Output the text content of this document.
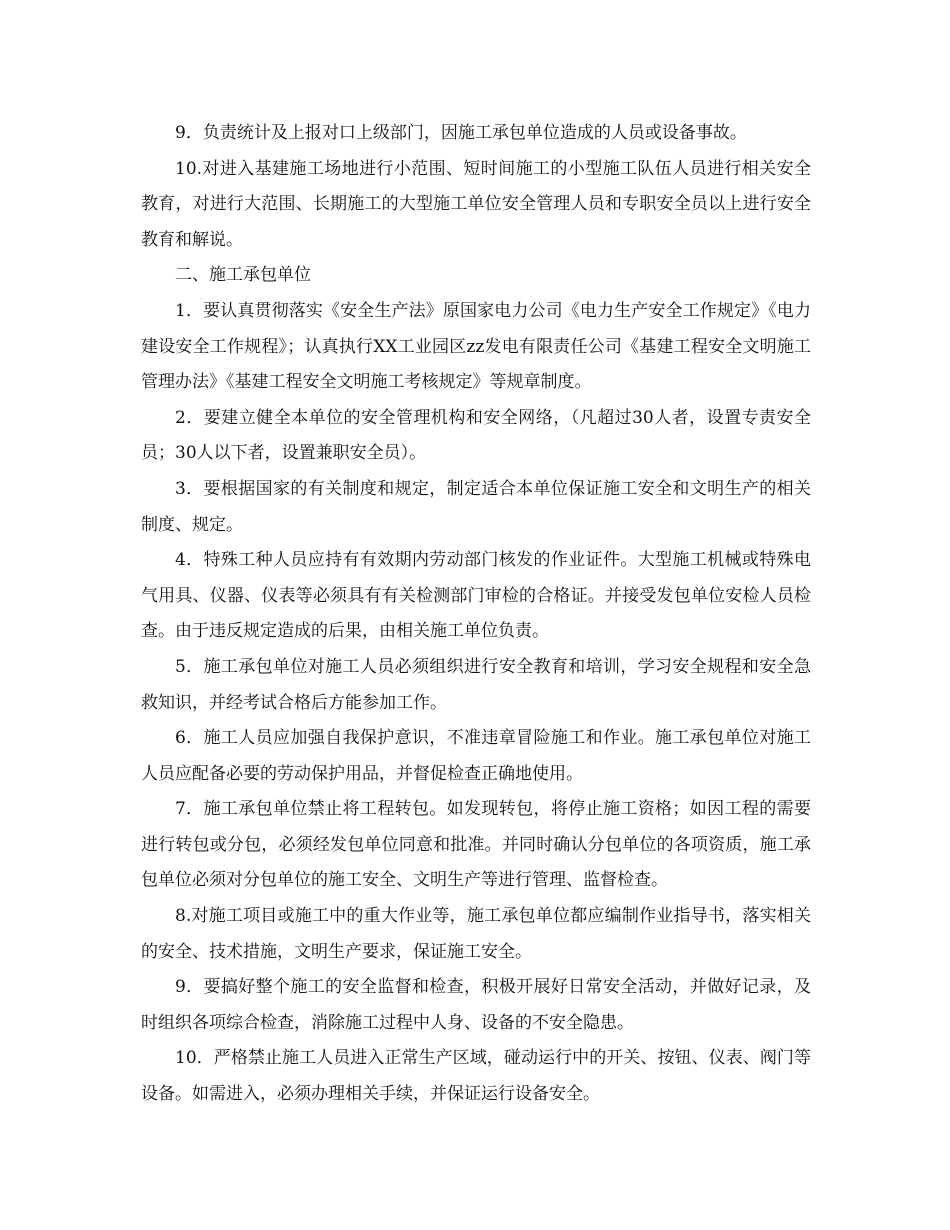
9．负责统计及上报对口上级部门，因施工承包单位造成的人员或设备事故。

10.对进入基建施工场地进行小范围、短时间施工的小型施工队伍人员进行相关安全教育，对进行大范围、长期施工的大型施工单位安全管理人员和专职安全员以上进行安全教育和解说。

二、施工承包单位

1．要认真贯彻落实《安全生产法》原国家电力公司《电力生产安全工作规定》《电力建设安全工作规程》；认真执行XX工业园区zz发电有限责任公司《基建工程安全文明施工管理办法》《基建工程安全文明施工考核规定》等规章制度。

2．要建立健全本单位的安全管理机构和安全网络，（凡超过30人者，设置专责安全员；30人以下者，设置兼职安全员）。

3．要根据国家的有关制度和规定，制定适合本单位保证施工安全和文明生产的相关制度、规定。

4．特殊工种人员应持有有效期内劳动部门核发的作业证件。大型施工机械或特殊电气用具、仪器、仪表等必须具有有关检测部门审检的合格证。并接受发包单位安检人员检查。由于违反规定造成的后果，由相关施工单位负责。

5．施工承包单位对施工人员必须组织进行安全教育和培训，学习安全规程和安全急救知识，并经考试合格后方能参加工作。

6．施工人员应加强自我保护意识，不准违章冒险施工和作业。施工承包单位对施工人员应配备必要的劳动保护用品，并督促检查正确地使用。

7．施工承包单位禁止将工程转包。如发现转包，将停止施工资格；如因工程的需要进行转包或分包，必须经发包单位同意和批准。并同时确认分包单位的各项资质，施工承包单位必须对分包单位的施工安全、文明生产等进行管理、监督检查。

8.对施工项目或施工中的重大作业等，施工承包单位都应编制作业指导书，落实相关的安全、技术措施，文明生产要求，保证施工安全。

9．要搞好整个施工的安全监督和检查，积极开展好日常安全活动，并做好记录，及时组织各项综合检查，消除施工过程中人身、设备的不安全隐患。

10．严格禁止施工人员进入正常生产区域，碰动运行中的开关、按钮、仪表、阀门等设备。如需进入，必须办理相关手续，并保证运行设备安全。
